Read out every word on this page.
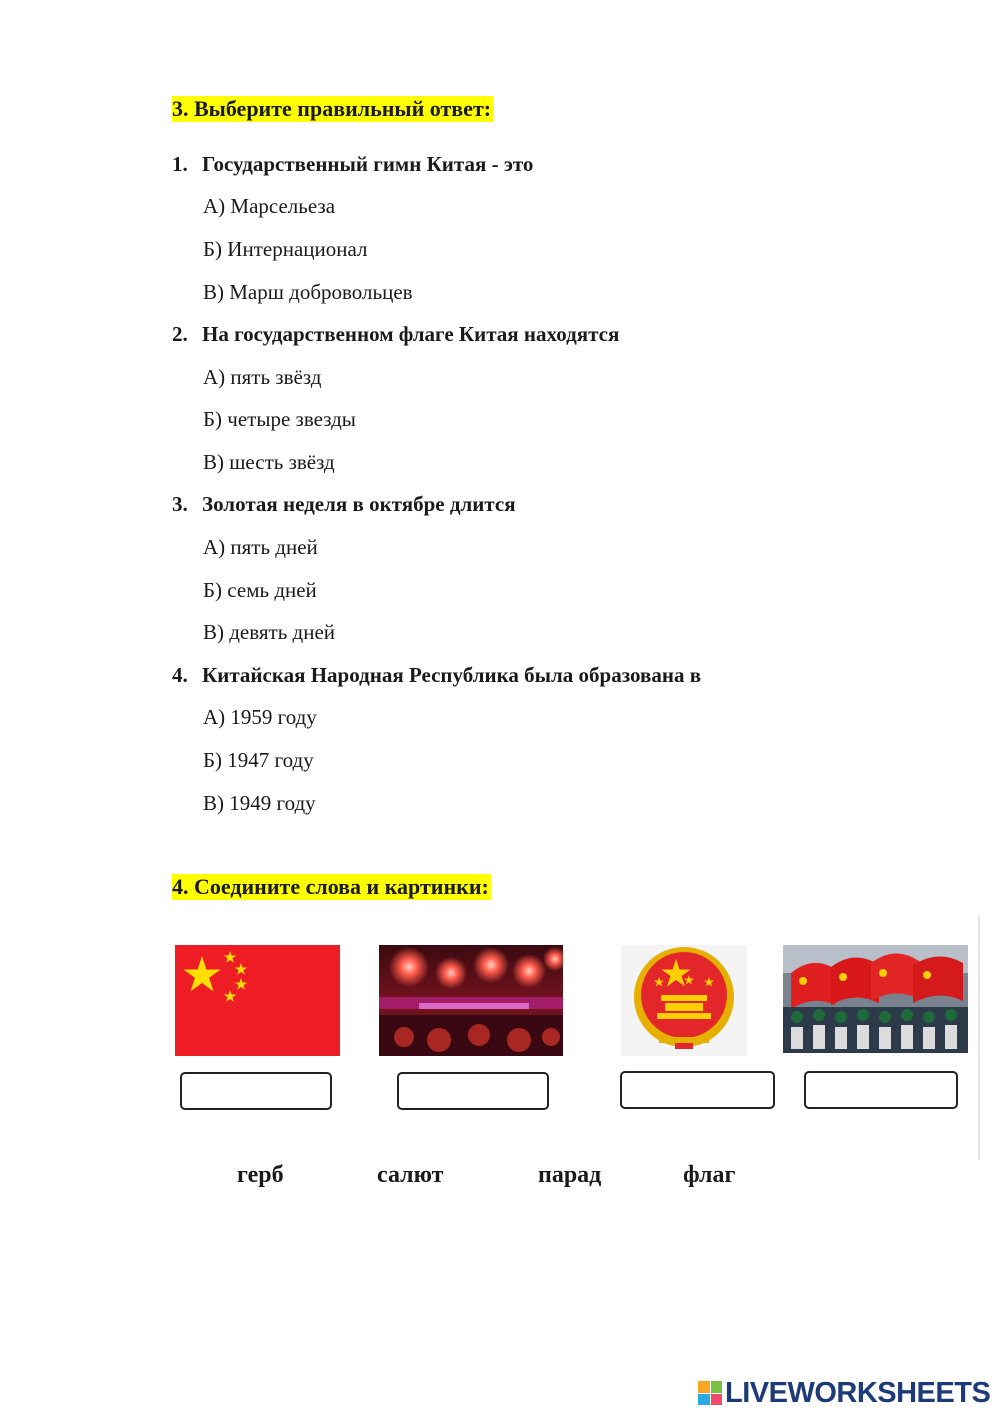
3. Выберите правильный ответ:
1. Государственный гимн Китая - это
А) Марсельеза
Б) Интернационал
В) Марш добровольцев
2. На государственном флаге Китая находятся
А) пять звёзд
Б) четыре звезды
В) шесть звёзд
3. Золотая неделя в октябре длится
А) пять дней
Б) семь дней
В) девять дней
4. Китайская Народная Республика была образована в
А) 1959 году
Б) 1947 году
В) 1949 году
4. Соедините слова и картинки:
герб	салют	парад	флаг
LIVEWORKSHEETS
